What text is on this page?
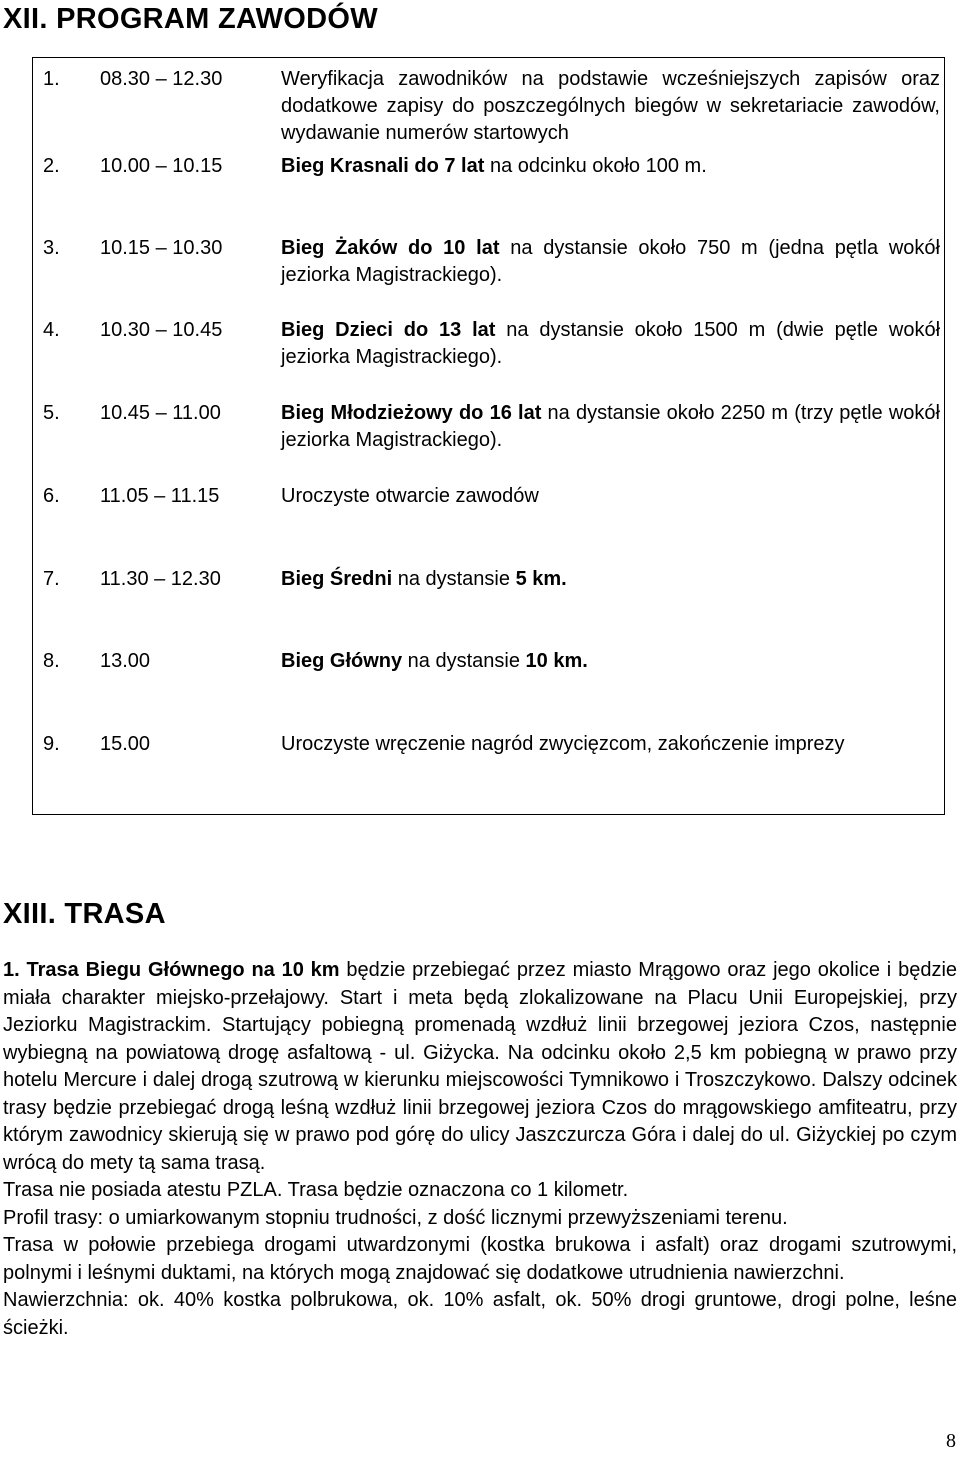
XII. PROGRAM ZAWODÓW
1. 08.30 – 12.30	Weryfikacja zawodników na podstawie wcześniejszych zapisów oraz dodatkowe zapisy do poszczególnych biegów w sekretariacie zawodów, wydawanie numerów startowych
2. 10.00 – 10.15	Bieg Krasnali do 7 lat na odcinku około 100 m.
3. 10.15 – 10.30	Bieg Żaków do 10 lat na dystansie około 750 m (jedna pętla wokół jeziorka Magistrackiego).
4. 10.30 – 10.45	Bieg Dzieci do 13 lat na dystansie około 1500 m (dwie pętle wokół jeziorka Magistrackiego).
5. 10.45 – 11.00	Bieg Młodzieżowy do 16 lat na dystansie około 2250 m (trzy pętle wokół jeziorka Magistrackiego).
6. 11.05 – 11.15	Uroczyste otwarcie zawodów
7. 11.30 – 12.30	Bieg Średni na dystansie 5 km.
8. 13.00	Bieg Główny na dystansie 10 km.
9. 15.00	Uroczyste wręczenie nagród zwycięzcom, zakończenie imprezy
XIII. TRASA

1. Trasa Biegu Głównego na 10 km będzie przebiegać przez miasto Mrągowo oraz jego okolice i będzie miała charakter miejsko-przełajowy. Start i meta będą zlokalizowane na Placu Unii Europejskiej, przy Jeziorku Magistrackim. Startujący pobiegną promenadą wzdłuż linii brzegowej jeziora Czos, następnie wybiegną na powiatową drogę asfaltową - ul. Giżycka. Na odcinku około 2,5 km pobiegną w prawo przy hotelu Mercure i dalej drogą szutrową w kierunku miejscowości Tymnikowo i Troszczykowo. Dalszy odcinek trasy będzie przebiegać drogą leśną wzdłuż linii brzegowej jeziora Czos do mrągowskiego amfiteatru, przy którym zawodnicy skierują się w prawo pod górę do ulicy Jaszczurcza Góra i dalej do ul. Giżyckiej po czym wrócą do mety tą sama trasą.

Trasa nie posiada atestu PZLA. Trasa będzie oznaczona co 1 kilometr.

Profil trasy: o umiarkowanym stopniu trudności, z dość licznymi przewyższeniami terenu.

Trasa w połowie przebiega drogami utwardzonymi (kostka brukowa i asfalt) oraz drogami szutrowymi, polnymi i leśnymi duktami, na których mogą znajdować się dodatkowe utrudnienia nawierzchni.

Nawierzchnia: ok. 40% kostka polbrukowa, ok. 10% asfalt, ok. 50% drogi gruntowe, drogi polne, leśne ścieżki.

8
